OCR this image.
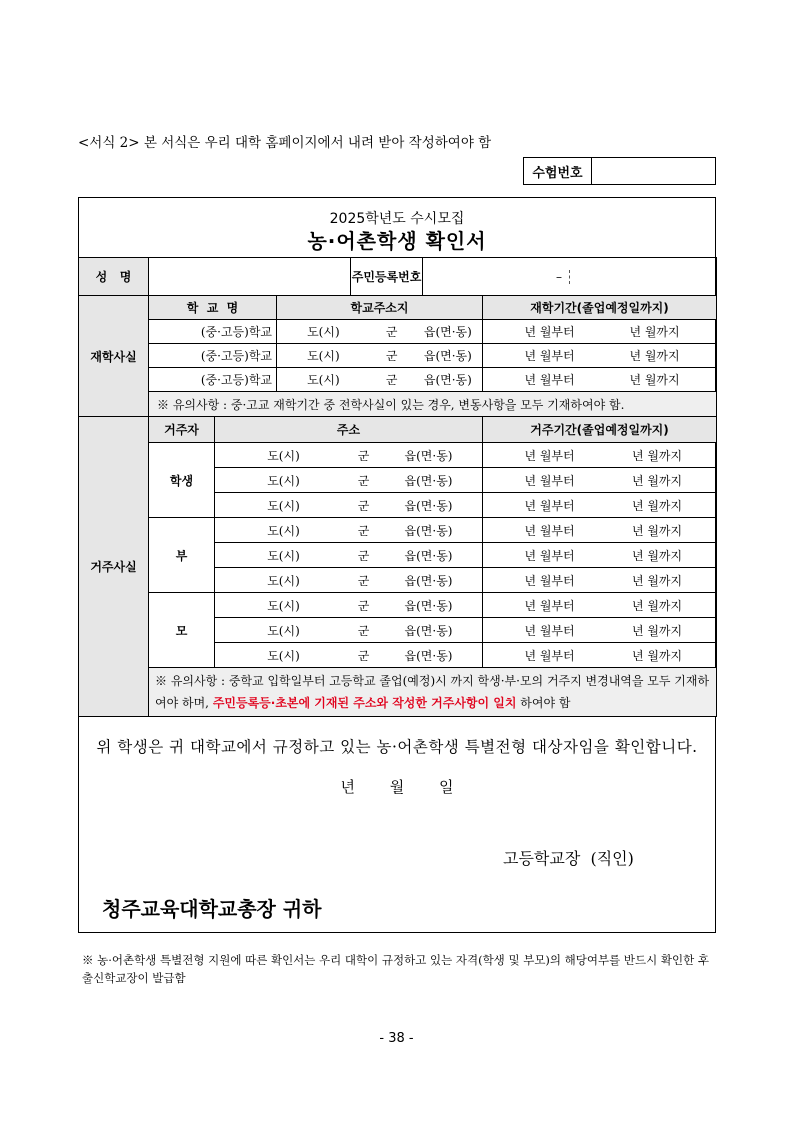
<서식 2> 본 서식은 우리 대학 홈페이지에서 내려 받아 작성하여야 함
수험번호
2025학년도 수시모집
농·어촌학생 확인서
성   명				주민등록번호	–	

재학사실	학  교  명		학교주소지			재학기간(졸업예정일까지)
	(중·고등)학교		도(시) 군 읍(면·동)			년 월부터 년 월까지

	(중·고등)학교		도(시) 군 읍(면·동)			년 월부터 년 월까지

	(중·고등)학교		도(시) 군 읍(면·동)			년 월부터 년 월까지

	※ 유의사항 : 중·고교 재학기간 중 전학사실이 있는 경우, 변동사항을 모두 기재하여야 함.					
거주사실	거주자	주소				거주기간(졸업예정일까지)
	학생	도(시) 군 읍(면·동)				년 월부터 년 월까지

		도(시) 군 읍(면·동)				년 월부터 년 월까지

		도(시) 군 읍(면·동)				년 월부터 년 월까지

	부	도(시) 군 읍(면·동)				년 월부터 년 월까지

		도(시) 군 읍(면·동)				년 월부터 년 월까지

		도(시) 군 읍(면·동)				년 월부터 년 월까지

	모	도(시) 군 읍(면·동)				년 월부터 년 월까지

		도(시) 군 읍(면·동)				년 월부터 년 월까지

		도(시) 군 읍(면·동)				년 월부터 년 월까지

	※ 유의사항 : 중학교 입학일부터 고등학교 졸업(예정)시 까지 학생·부·모의 거주지 변경내역을 모두 기재하여야 하며, 주민등록등·초본에 기재된 주소와 작성한 거주사항이 일치 하여야 함					
위 학생은 귀 대학교에서 규정하고 있는 농·어촌학생 특별전형 대상자임을 확인합니다.
년 월 일
고등학교장  (직인)
청주교육대학교총장 귀하
※ 농·어촌학생 특별전형 지원에 따른 확인서는 우리 대학이 규정하고 있는 자격(학생 및 부모)의 해당여부를 반드시 확인한 후 출신학교장이 발급함
- 38 -
